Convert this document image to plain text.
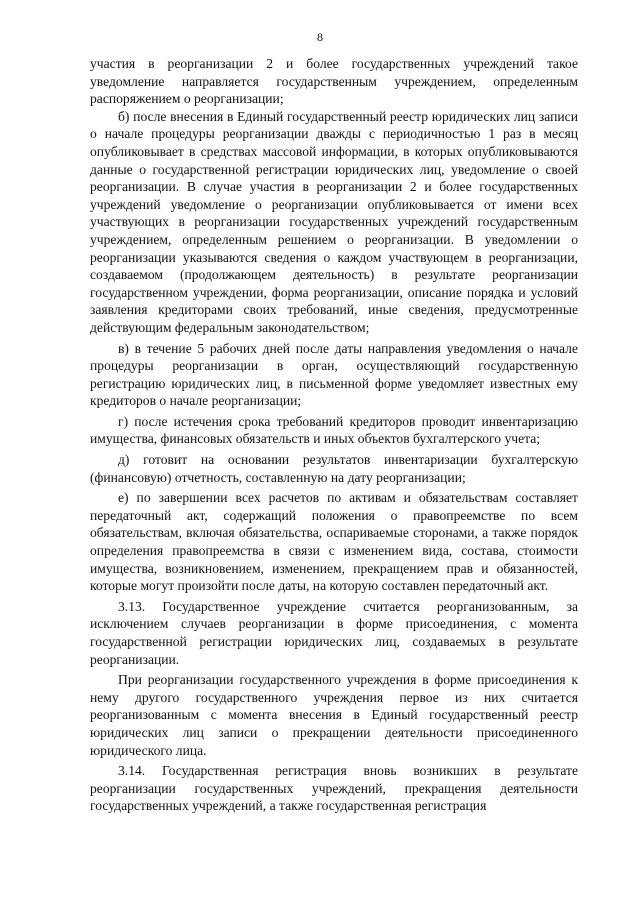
8

участия в реорганизации 2 и более государственных учреждений такое уведомление направляется государственным учреждением, определенным распоряжением о реорганизации;

б) после внесения в Единый государственный реестр юридических лиц записи о начале процедуры реорганизации дважды с периодичностью 1 раз в месяц опубликовывает в средствах массовой информации, в которых опубликовываются данные о государственной регистрации юридических лиц, уведомление о своей реорганизации. В случае участия в реорганизации 2 и более государственных учреждений уведомление о реорганизации опубликовывается от имени всех участвующих в реорганизации государственных учреждений государственным учреждением, определенным решением о реорганизации. В уведомлении о реорганизации указываются сведения о каждом участвующем в реорганизации, создаваемом (продолжающем деятельность) в результате реорганизации государственном учреждении, форма реорганизации, описание порядка и условий заявления кредиторами своих требований, иные сведения, предусмотренные действующим федеральным законодательством;

в) в течение 5 рабочих дней после даты направления уведомления о начале процедуры реорганизации в орган, осуществляющий государственную регистрацию юридических лиц, в письменной форме уведомляет известных ему кредиторов о начале реорганизации;

г) после истечения срока требований кредиторов проводит инвентаризацию имущества, финансовых обязательств и иных объектов бухгалтерского учета;

д) готовит на основании результатов инвентаризации бухгалтерскую (финансовую) отчетность, составленную на дату реорганизации;

е) по завершении всех расчетов по активам и обязательствам составляет передаточный акт, содержащий положения о правопреемстве по всем обязательствам, включая обязательства, оспариваемые сторонами, а также порядок определения правопреемства в связи с изменением вида, состава, стоимости имущества, возникновением, изменением, прекращением прав и обязанностей, которые могут произойти после даты, на которую составлен передаточный акт.

3.13. Государственное учреждение считается реорганизованным, за исключением случаев реорганизации в форме присоединения, с момента государственной регистрации юридических лиц, создаваемых в результате реорганизации.

При реорганизации государственного учреждения в форме присоединения к нему другого государственного учреждения первое из них считается реорганизованным с момента внесения в Единый государственный реестр юридических лиц записи о прекращении деятельности присоединенного юридического лица.

3.14. Государственная регистрация вновь возникших в результате реорганизации государственных учреждений, прекращения деятельности государственных учреждений, а также государственная регистрация
